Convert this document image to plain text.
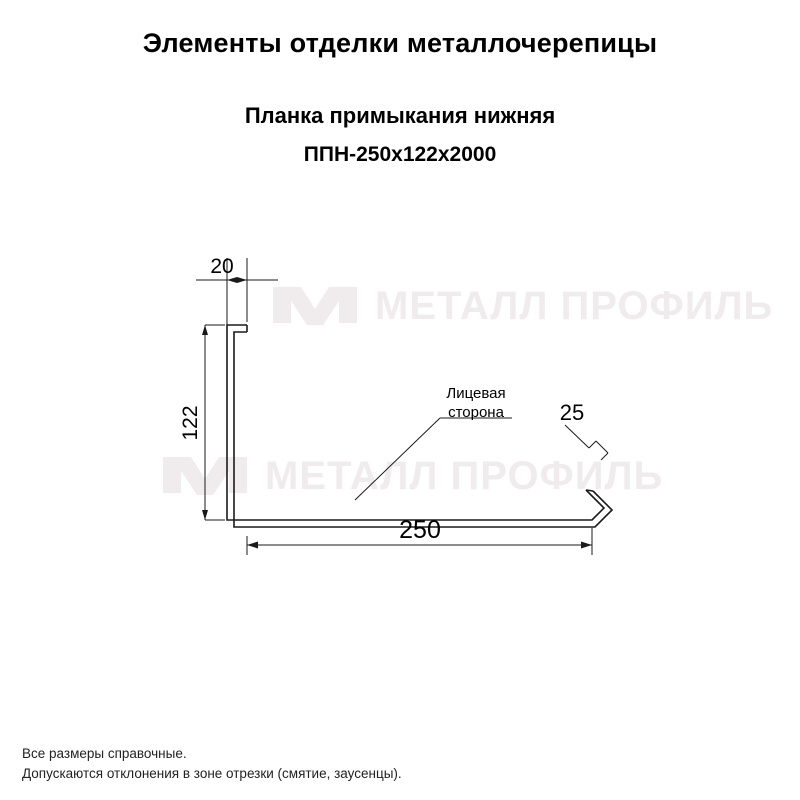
МЕТАЛЛ ПРОФИЛЬ
МЕТАЛЛ ПРОФИЛЬ
Элементы отделки металлочерепицы
Планка примыкания нижняя
ППН-250х122х2000
20
122
250
25
Лицевая
сторона
Все размеры справочные.
Допускаются отклонения в зоне отрезки (смятие, заусенцы).
